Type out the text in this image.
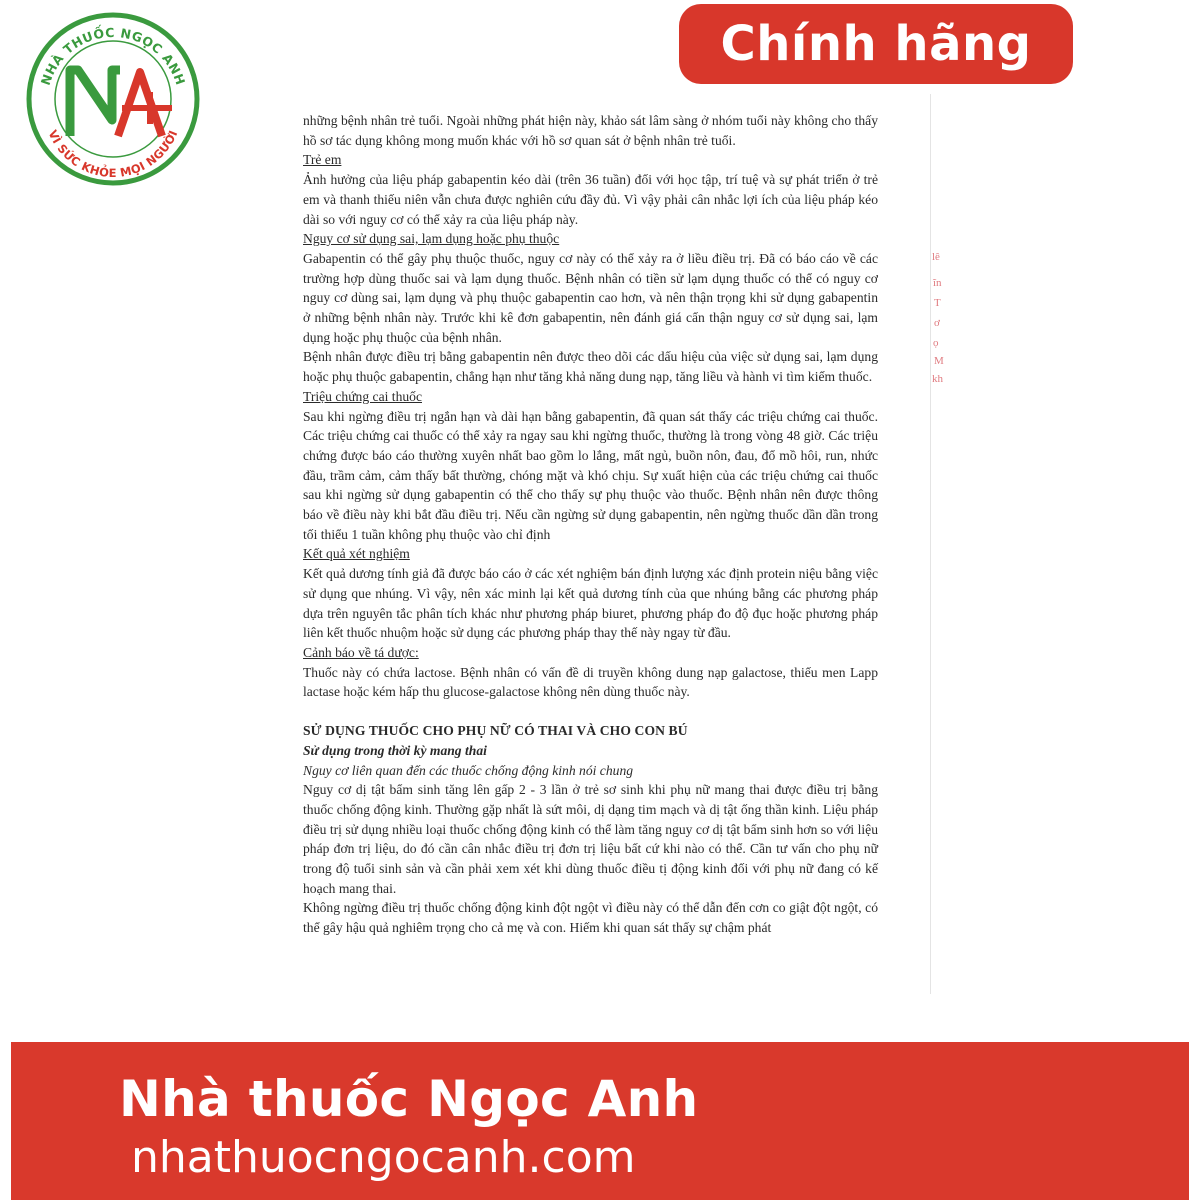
NHÀ THUỐC NGỌC ANH
VÌ SỨC KHỎE MỌI NGƯỜI
Chính hãng
lê
ĩn
T
ơ
ọ
M
kh

những bệnh nhân trẻ tuổi. Ngoài những phát hiện này, khảo sát lâm sàng ở nhóm tuổi này không cho thấy hồ sơ tác dụng không mong muốn khác với hồ sơ quan sát ở bệnh nhân trẻ tuổi.

Trẻ em

Ảnh hưởng của liệu pháp gabapentin kéo dài (trên 36 tuần) đối với học tập, trí tuệ và sự phát triển ở trẻ em và thanh thiếu niên vẫn chưa được nghiên cứu đầy đủ. Vì vậy phải cân nhắc lợi ích của liệu pháp kéo dài so với nguy cơ có thể xảy ra của liệu pháp này.

Nguy cơ sử dụng sai, lạm dụng hoặc phụ thuộc

Gabapentin có thể gây phụ thuộc thuốc, nguy cơ này có thể xảy ra ở liều điều trị. Đã có báo cáo về các trường hợp dùng thuốc sai và lạm dụng thuốc. Bệnh nhân có tiền sử lạm dụng thuốc có thể có nguy cơ nguy cơ dùng sai, lạm dụng và phụ thuộc gabapentin cao hơn, và nên thận trọng khi sử dụng gabapentin ở những bệnh nhân này. Trước khi kê đơn gabapentin, nên đánh giá cẩn thận nguy cơ sử dụng sai, lạm dụng hoặc phụ thuộc của bệnh nhân.

Bệnh nhân được điều trị bằng gabapentin nên được theo dõi các dấu hiệu của việc sử dụng sai, lạm dụng hoặc phụ thuộc gabapentin, chẳng hạn như tăng khả năng dung nạp, tăng liều và hành vi tìm kiếm thuốc.

Triệu chứng cai thuốc

Sau khi ngừng điều trị ngắn hạn và dài hạn bằng gabapentin, đã quan sát thấy các triệu chứng cai thuốc. Các triệu chứng cai thuốc có thể xảy ra ngay sau khi ngừng thuốc, thường là trong vòng 48 giờ. Các triệu chứng được báo cáo thường xuyên nhất bao gồm lo lắng, mất ngủ, buồn nôn, đau, đổ mồ hôi, run, nhức đầu, trầm cảm, cảm thấy bất thường, chóng mặt và khó chịu. Sự xuất hiện của các triệu chứng cai thuốc sau khi ngừng sử dụng gabapentin có thể cho thấy sự phụ thuộc vào thuốc. Bệnh nhân nên được thông báo về điều này khi bắt đầu điều trị. Nếu cần ngừng sử dụng gabapentin, nên ngừng thuốc dần dần trong tối thiểu 1 tuần không phụ thuộc vào chỉ định

Kết quả xét nghiệm

Kết quả dương tính giả đã được báo cáo ở các xét nghiệm bán định lượng xác định protein niệu bằng việc sử dụng que nhúng. Vì vậy, nên xác minh lại kết quả dương tính của que nhúng bằng các phương pháp dựa trên nguyên tắc phân tích khác như phương pháp biuret, phương pháp đo độ đục hoặc phương pháp liên kết thuốc nhuộm hoặc sử dụng các phương pháp thay thế này ngay từ đầu.

Cảnh báo về tá dược:

Thuốc này có chứa lactose. Bệnh nhân có vấn đề di truyền không dung nạp galactose, thiếu men Lapp lactase hoặc kém hấp thu glucose-galactose không nên dùng thuốc này.

SỬ DỤNG THUỐC CHO PHỤ NỮ CÓ THAI VÀ CHO CON BÚ

Sử dụng trong thời kỳ mang thai

Nguy cơ liên quan đến các thuốc chống động kinh nói chung

Nguy cơ dị tật bẩm sinh tăng lên gấp 2 - 3 lần ở trẻ sơ sinh khi phụ nữ mang thai được điều trị bằng thuốc chống động kinh. Thường gặp nhất là sứt môi, dị dạng tim mạch và dị tật ống thần kinh. Liệu pháp điều trị sử dụng nhiều loại thuốc chống động kinh có thể làm tăng nguy cơ dị tật bẩm sinh hơn so với liệu pháp đơn trị liệu, do đó cần cân nhắc điều trị đơn trị liệu bất cứ khi nào có thể. Cần tư vấn cho phụ nữ trong độ tuổi sinh sản và cần phải xem xét khi dùng thuốc điều tị động kinh đối với phụ nữ đang có kế hoạch mang thai.

Không ngừng điều trị thuốc chống động kinh đột ngột vì điều này có thể dẫn đến cơn co giật đột ngột, có thể gây hậu quả nghiêm trọng cho cả mẹ và con. Hiếm khi quan sát thấy sự chậm phát

Nhà thuốc Ngọc Anh
nhathuocngocanh.com
